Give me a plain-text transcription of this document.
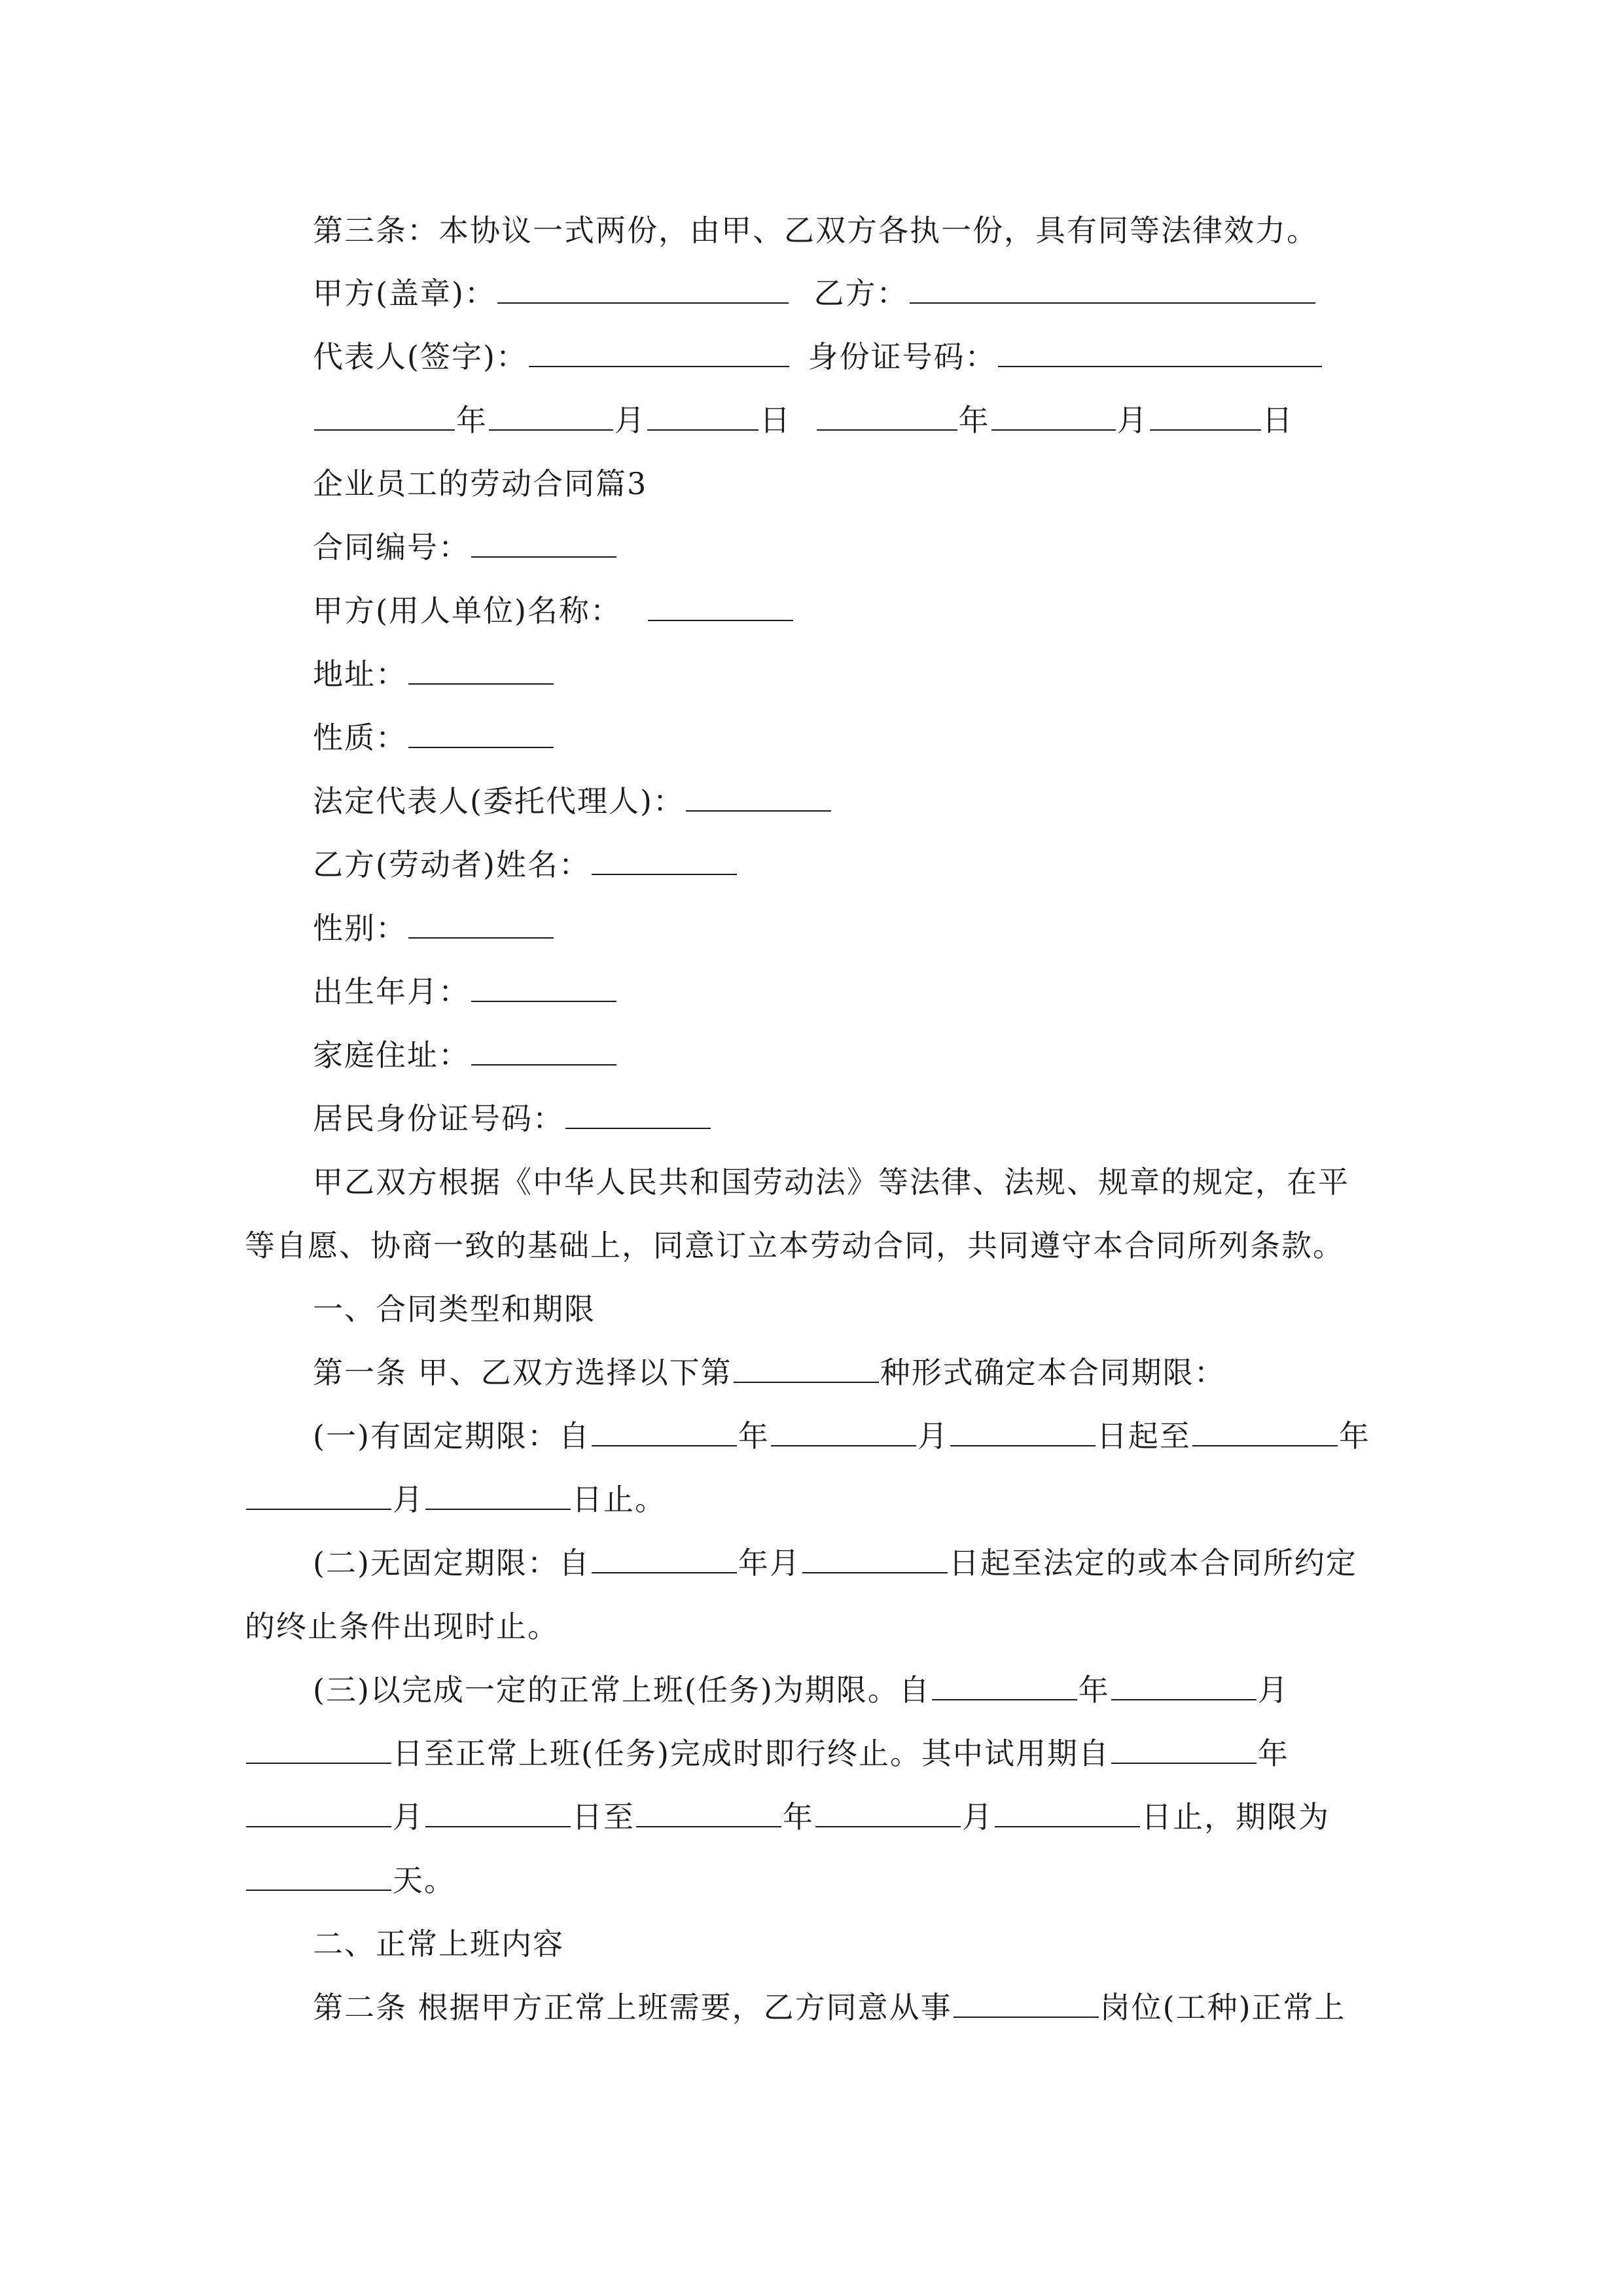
第三条：本协议一式两份，由甲、乙双方各执一份，具有同等法律效力。
甲方(盖章)：	乙方：
代表人(签字)：	身份证号码：
年	月	日	年	月	日
企业员工的劳动合同篇3
合同编号：
甲方(用人单位)名称：
地址：
性质：
法定代表人(委托代理人)：
乙方(劳动者)姓名：
性别：
出生年月：
家庭住址：
居民身份证号码：
甲乙双方根据《中华人民共和国劳动法》等法律、法规、规章的规定，在平
等自愿、协商一致的基础上，同意订立本劳动合同，共同遵守本合同所列条款。
一、合同类型和期限
第一条 甲、乙双方选择以下第	种形式确定本合同期限：
(一)有固定期限：自	年	月	日起至	年
月	日止。
(二)无固定期限：自	年月	日起至法定的或本合同所约定
的终止条件出现时止。
(三)以完成一定的正常上班(任务)为期限。自	年	月
日至正常上班(任务)完成时即行终止。其中试用期自	年
月	日至	年	月	日止，期限为
天。
二、正常上班内容
第二条 根据甲方正常上班需要，乙方同意从事	岗位(工种)正常上
